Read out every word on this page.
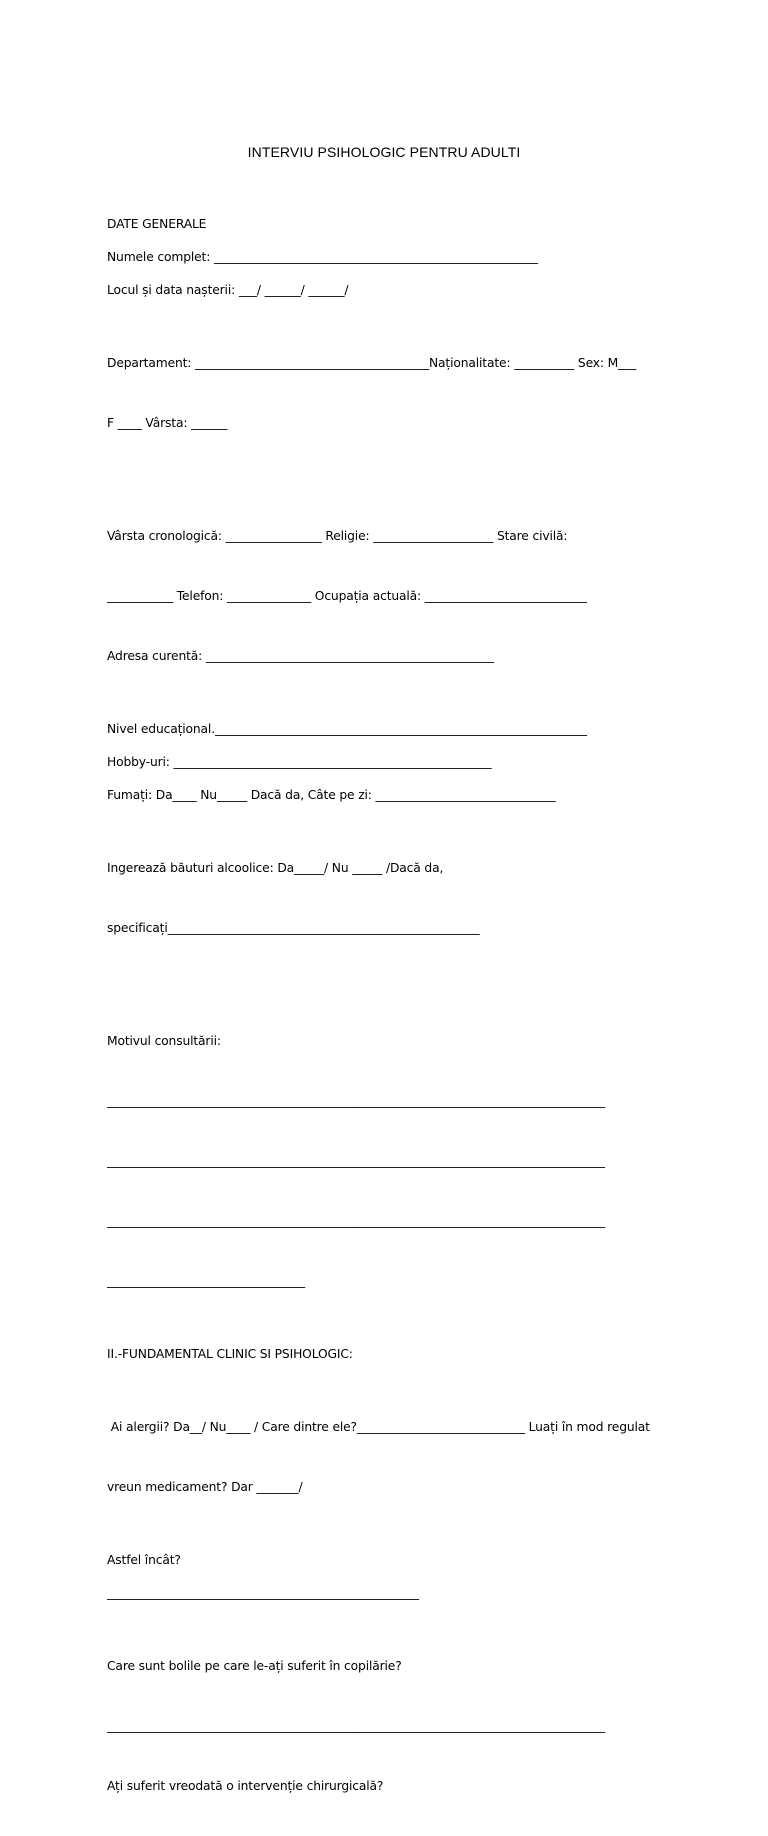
INTERVIU PSIHOLOGIC PENTRU ADULTI
DATE GENERALE
Numele complet: ______________________________________________________
Locul și data nașterii: ___/ ______/ ______/

Departament: _______________________________________Naționalitate: __________ Sex: M___

F ____ Vârsta: ______

Vârsta cronologică: ________________ Religie: ____________________ Stare civilă:

___________ Telefon: ______________ Ocupația actuală: ___________________________

Adresa curentă: ________________________________________________

Nivel educațional.______________________________________________________________
Hobby-uri: _____________________________________________________
Fumați: Da____ Nu_____ Dacă da, Câte pe zi: ______________________________

Ingerează băuturi alcoolice: Da_____/ Nu _____ /Dacă da,

specificați____________________________________________________

Motivul consultării:

___________________________________________________________________________________

___________________________________________________________________________________

___________________________________________________________________________________

_________________________________

II.-FUNDAMENTAL CLINIC SI PSIHOLOGIC:

Ai alergii? Da__/ Nu____ / Care dintre ele?____________________________ Luați în mod regulat

vreun medicament? Dar _______/

Astfel încât?
____________________________________________________

Care sunt bolile pe care le-ați suferit în copilărie?

___________________________________________________________________________________

Ați suferit vreodată o intervenție chirurgicală?
